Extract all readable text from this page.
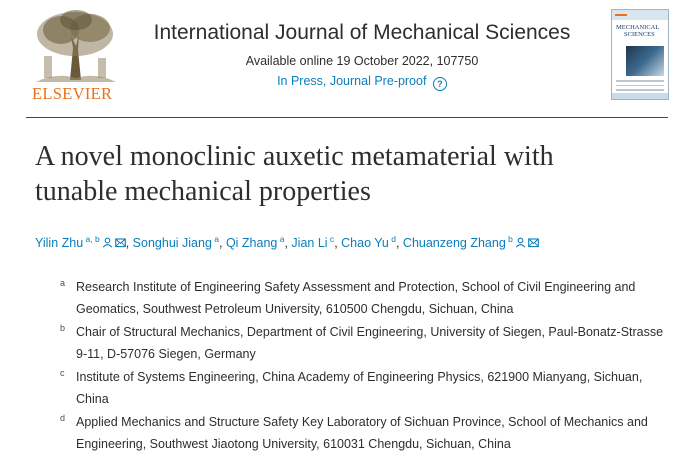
ELSEVIER
International Journal of Mechanical Sciences
Available online 19 October 2022, 107750
In Press, Journal Pre-proof ?
MECHANICAL
SCIENCES
A novel monoclinic auxetic metamaterial with
tunable mechanical properties
Yilin Zhu $^{a, b}$ , Songhui Jiang $^a$, Qi Zhang $^a$, Jian Li $^c$, Chao Yu $^d$, Chuanzeng Zhang $^b$
a Research Institute of Engineering Safety Assessment and Protection, School of Civil Engineering and
Geomatics, Southwest Petroleum University, 610500 Chengdu, Sichuan, China
b Chair of Structural Mechanics, Department of Civil Engineering, University of Siegen, Paul-Bonatz-Strasse
9-11, D-57076 Siegen, Germany
c Institute of Systems Engineering, China Academy of Engineering Physics, 621900 Mianyang, Sichuan,
China
d Applied Mechanics and Structure Safety Key Laboratory of Sichuan Province, School of Mechanics and
Engineering, Southwest Jiaotong University, 610031 Chengdu, Sichuan, China
